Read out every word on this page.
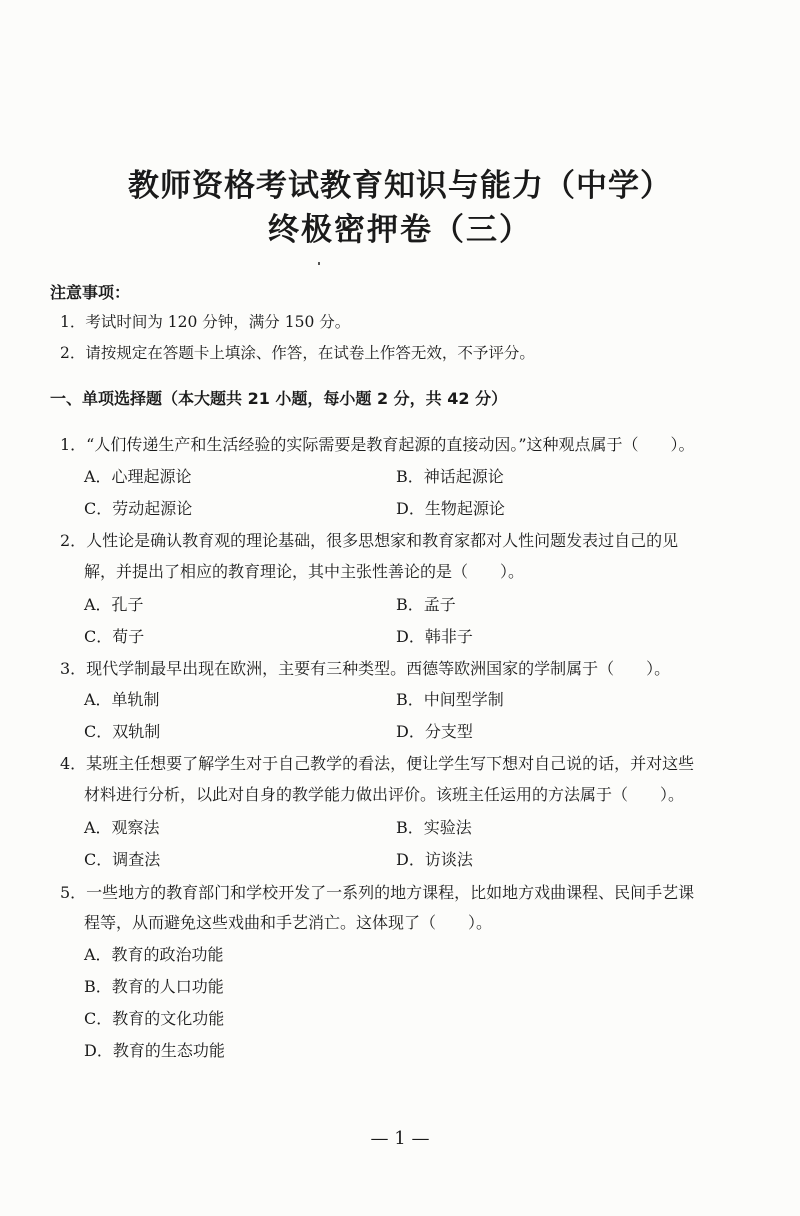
教师资格考试教育知识与能力（中学）
终极密押卷（三）
注意事项：
1．考试时间为 120 分钟，满分 150 分。
2．请按规定在答题卡上填涂、作答，在试卷上作答无效，不予评分。
一、单项选择题（本大题共 21 小题，每小题 2 分，共 42 分）
1．“人们传递生产和生活经验的实际需要是教育起源的直接动因。”这种观点属于（　　）。
A．心理起源论	B．神话起源论
C．劳动起源论	D．生物起源论
2．人性论是确认教育观的理论基础，很多思想家和教育家都对人性问题发表过自己的见
解，并提出了相应的教育理论，其中主张性善论的是（　　）。
A．孔子	B．孟子
C．荀子	D．韩非子
3．现代学制最早出现在欧洲，主要有三种类型。西德等欧洲国家的学制属于（　　）。
A．单轨制	B．中间型学制
C．双轨制	D．分支型
4．某班主任想要了解学生对于自己教学的看法，便让学生写下想对自己说的话，并对这些
材料进行分析，以此对自身的教学能力做出评价。该班主任运用的方法属于（　　）。
A．观察法	B．实验法
C．调查法	D．访谈法
5．一些地方的教育部门和学校开发了一系列的地方课程，比如地方戏曲课程、民间手艺课
程等，从而避免这些戏曲和手艺消亡。这体现了（　　）。
A．教育的政治功能
B．教育的人口功能
C．教育的文化功能
D．教育的生态功能
— 1 —
